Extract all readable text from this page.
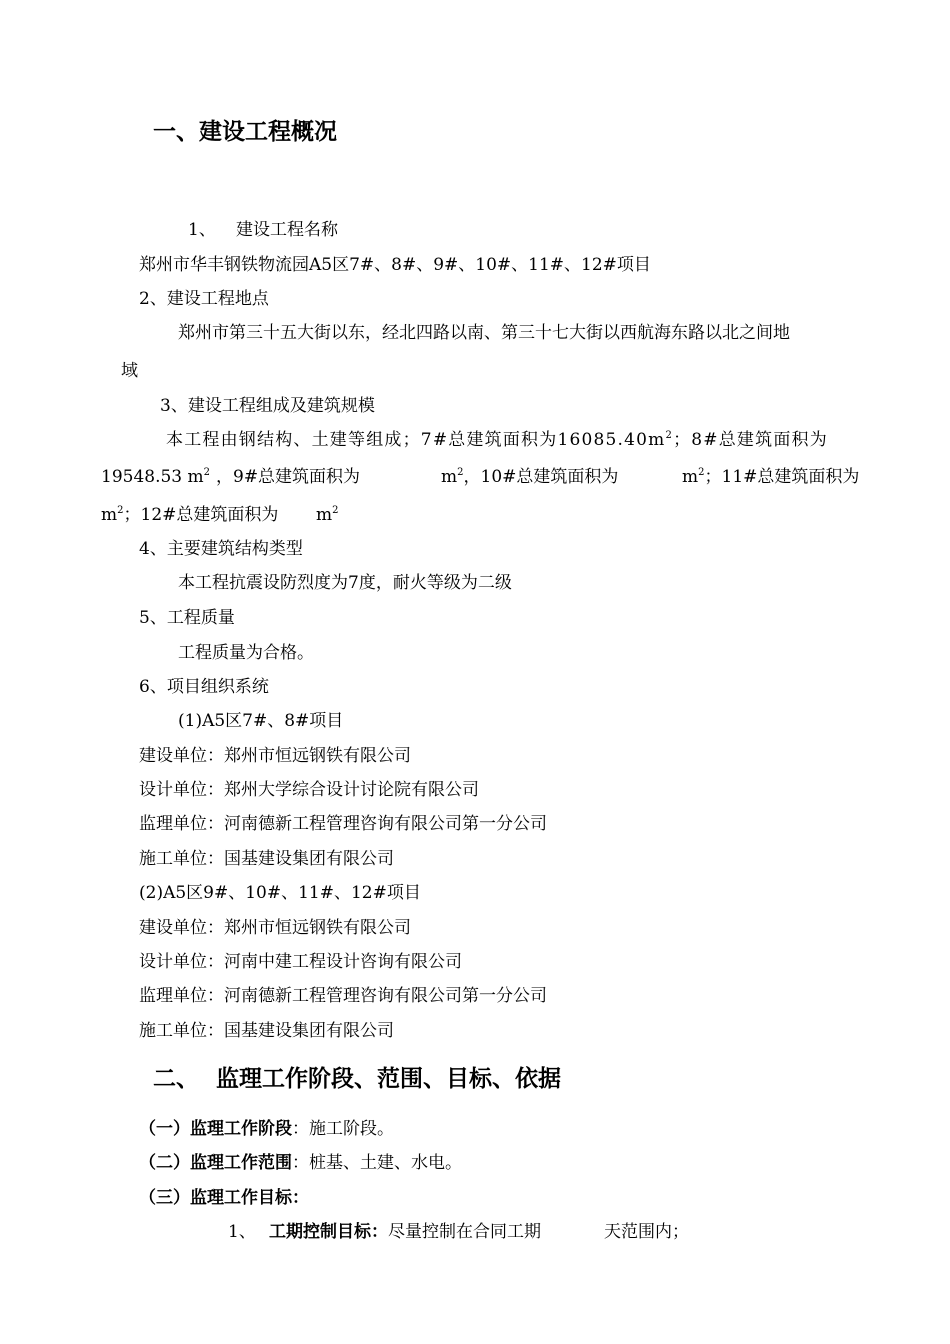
一、建设工程概况
1、 建设工程名称
郑州市华丰钢铁物流园A5区7#、8#、9#、10#、11#、12#项目
2、建设工程地点
郑州市第三十五大街以东，经北四路以南、第三十七大街以西航海东路以北之间地
域
3、建设工程组成及建筑规模
本工程由钢结构、土建等组成；7#总建筑面积为$16085.40m^2$；8#总建筑面积为
19548.53 $m^2$ ，9#总建筑面积为	$m^2$，10#总建筑面积为	$m^2$；11#总建筑面积为
$m^2$；12#总建筑面积为 $m^2$
4、主要建筑结构类型
本工程抗震设防烈度为7度，耐火等级为二级
5、工程质量
工程质量为合格。
6、项目组织系统
(1)A5区7#、8#项目
建设单位：郑州市恒远钢铁有限公司
设计单位：郑州大学综合设计讨论院有限公司
监理单位：河南德新工程管理咨询有限公司第一分公司
施工单位：国基建设集团有限公司
(2)A5区9#、10#、11#、12#项目
建设单位：郑州市恒远钢铁有限公司
设计单位：河南中建工程设计咨询有限公司
监理单位：河南德新工程管理咨询有限公司第一分公司
施工单位：国基建设集团有限公司
二、 监理工作阶段、范围、目标、依据
（一）监理工作阶段：施工阶段。
（二）监理工作范围：桩基、土建、水电。
（三）监理工作目标：
1、 工期控制目标：尽量控制在合同工期	天范围内；
